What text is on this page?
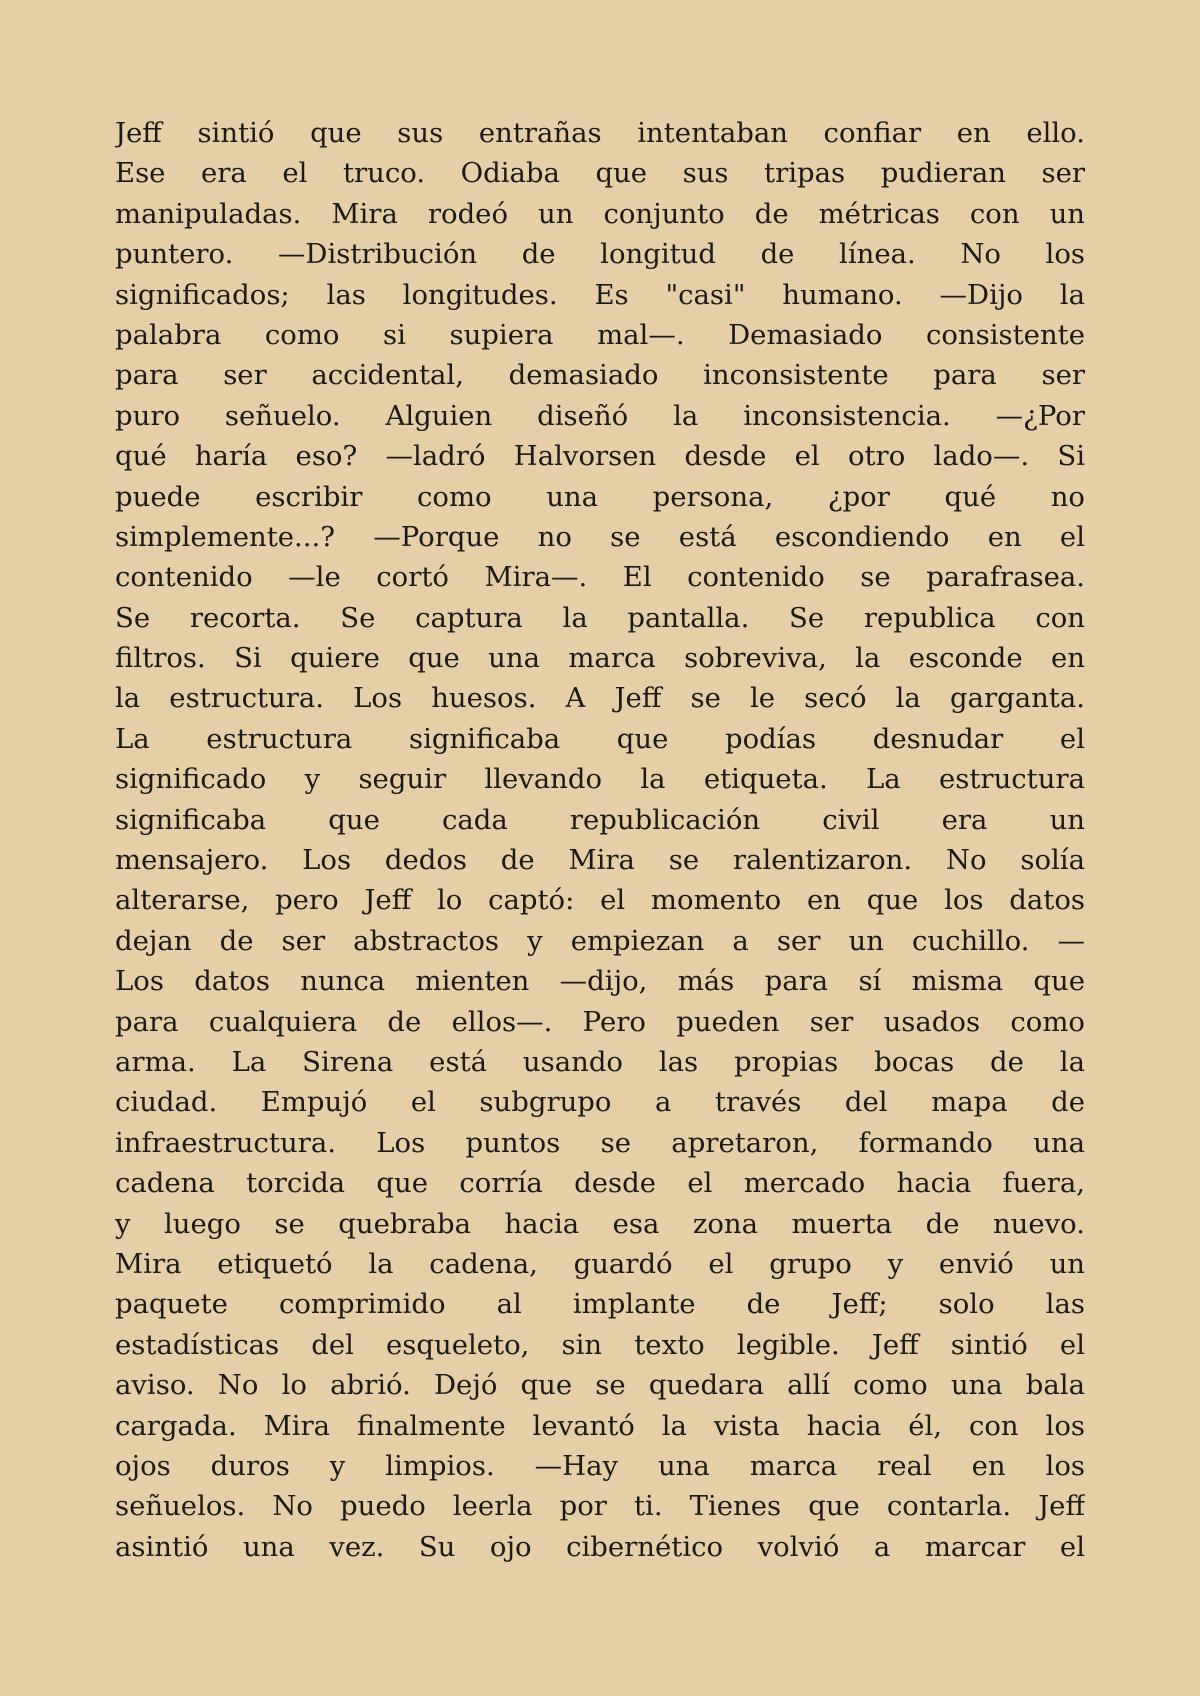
Jeff sintió que sus entrañas intentaban confiar en ello.
Ese era el truco. Odiaba que sus tripas pudieran ser
manipuladas. Mira rodeó un conjunto de métricas con un
puntero. —Distribución de longitud de línea. No los
significados; las longitudes. Es "casi" humano. —Dijo la
palabra como si supiera mal—. Demasiado consistente
para ser accidental, demasiado inconsistente para ser
puro señuelo. Alguien diseñó la inconsistencia. —¿Por
qué haría eso? —ladró Halvorsen desde el otro lado—. Si
puede escribir como una persona, ¿por qué no
simplemente...? —Porque no se está escondiendo en el
contenido —le cortó Mira—. El contenido se parafrasea.
Se recorta. Se captura la pantalla. Se republica con
filtros. Si quiere que una marca sobreviva, la esconde en
la estructura. Los huesos. A Jeff se le secó la garganta.
La estructura significaba que podías desnudar el
significado y seguir llevando la etiqueta. La estructura
significaba que cada republicación civil era un
mensajero. Los dedos de Mira se ralentizaron. No solía
alterarse, pero Jeff lo captó: el momento en que los datos
dejan de ser abstractos y empiezan a ser un cuchillo. —
Los datos nunca mienten —dijo, más para sí misma que
para cualquiera de ellos—. Pero pueden ser usados como
arma. La Sirena está usando las propias bocas de la
ciudad. Empujó el subgrupo a través del mapa de
infraestructura. Los puntos se apretaron, formando una
cadena torcida que corría desde el mercado hacia fuera,
y luego se quebraba hacia esa zona muerta de nuevo.
Mira etiquetó la cadena, guardó el grupo y envió un
paquete comprimido al implante de Jeff; solo las
estadísticas del esqueleto, sin texto legible. Jeff sintió el
aviso. No lo abrió. Dejó que se quedara allí como una bala
cargada. Mira finalmente levantó la vista hacia él, con los
ojos duros y limpios. —Hay una marca real en los
señuelos. No puedo leerla por ti. Tienes que contarla. Jeff
asintió una vez. Su ojo cibernético volvió a marcar el
